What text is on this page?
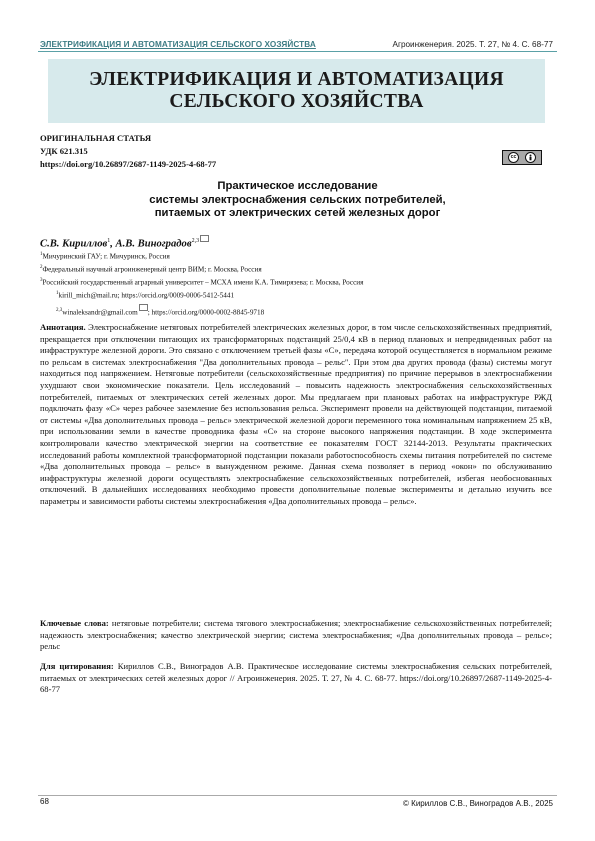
ЭЛЕКТРИФИКАЦИЯ И АВТОМАТИЗАЦИЯ СЕЛЬСКОГО ХОЗЯЙСТВА	Агроинженерия. 2025. Т. 27, № 4. С. 68-77
ЭЛЕКТРИФИКАЦИЯ И АВТОМАТИЗАЦИЯ
СЕЛЬСКОГО ХОЗЯЙСТВА
ОРИГИНАЛЬНАЯ СТАТЬЯ
УДК 621.315
https://doi.org/10.26897/2687-1149-2025-4-68-77
cc
Практическое исследование
системы электроснабжения сельских потребителей,
питаемых от электрических сетей железных дорог
С.В. Кириллов$^1$, А.В. Виноградов$^{2,3}$
$^1$Мичуринский ГАУ; г. Мичуринск, Россия
$^2$Федеральный научный агроинженерный центр ВИМ; г. Москва, Россия
$^3$Российский государственный аграрный университет – МСХА имени К.А. Тимирязева; г. Москва, Россия
$^1$kirill_mich@mail.ru; https://orcid.org/0009-0006-5412-5441
$^{2,3}$winaleksandr@gmail.com ; https://orcid.org/0000-0002-8845-9718
Аннотация. Электроснабжение нетяговых потребителей электрических железных дорог, в том числе сельскохозяйственных предприятий, прекращается при отключении питающих их трансформаторных подстанций 25/0,4 кВ в период плановых и непредвиденных работ на инфраструктуре железной дороги. Это связано с отключением третьей фазы «С», передача которой осуществляется в нормальном режиме по рельсам в системах электроснабжения "Два дополнительных провода – рельс". При этом два других провода (фазы) системы могут находиться под напряжением. Нетяговые потребители (сельскохозяйственные предприятия) по причине перерывов в электроснабжении ухудшают свои экономические показатели. Цель исследований – повысить надежность электроснабжения сельскохозяйственных потребителей, питаемых от электрических сетей железных дорог. Мы предлагаем при плановых работах на инфраструктуре РЖД подключать фазу «С» через рабочее заземление без использования рельса. Эксперимент провели на действующей подстанции, питаемой от системы «Два дополнительных провода – рельс» электрической железной дороги переменного тока номинальным напряжением 25 кВ, при использовании земли в качестве проводника фазы «С» на стороне высокого напряжения подстанции. В ходе эксперимента контролировали качество электрической энергии на соответствие ее показателям ГОСТ 32144-2013. Результаты практических исследований работы комплектной трансформаторной подстанции показали работоспособность схемы питания потребителей по системе «Два дополнительных провода – рельс» в вынужденном режиме. Данная схема позволяет в период «окон» по обслуживанию инфраструктуры железной дороги осуществлять электроснабжение сельскохозяйственных потребителей, избегая необоснованных отключений. В дальнейших исследованиях необходимо провести дополнительные полевые эксперименты и детально изучить все параметры и зависимости работы системы электроснабжения «Два дополнительных провода – рельс».
Ключевые слова: нетяговые потребители; система тягового электроснабжения; электроснабжение сельскохозяйственных потребителей; надежность электроснабжения; качество электрической энергии; система электроснабжения; «Два дополнительных провода – рельс»; рельс
Для цитирования: Кириллов С.В., Виноградов А.В. Практическое исследование системы электроснабжения сельских потребителей, питаемых от электрических сетей железных дорог // Агроинженерия. 2025. Т. 27, № 4. С. 68-77. https://doi.org/10.26897/2687-1149-2025-4-68-77
68	© Кириллов С.В., Виноградов А.В., 2025
